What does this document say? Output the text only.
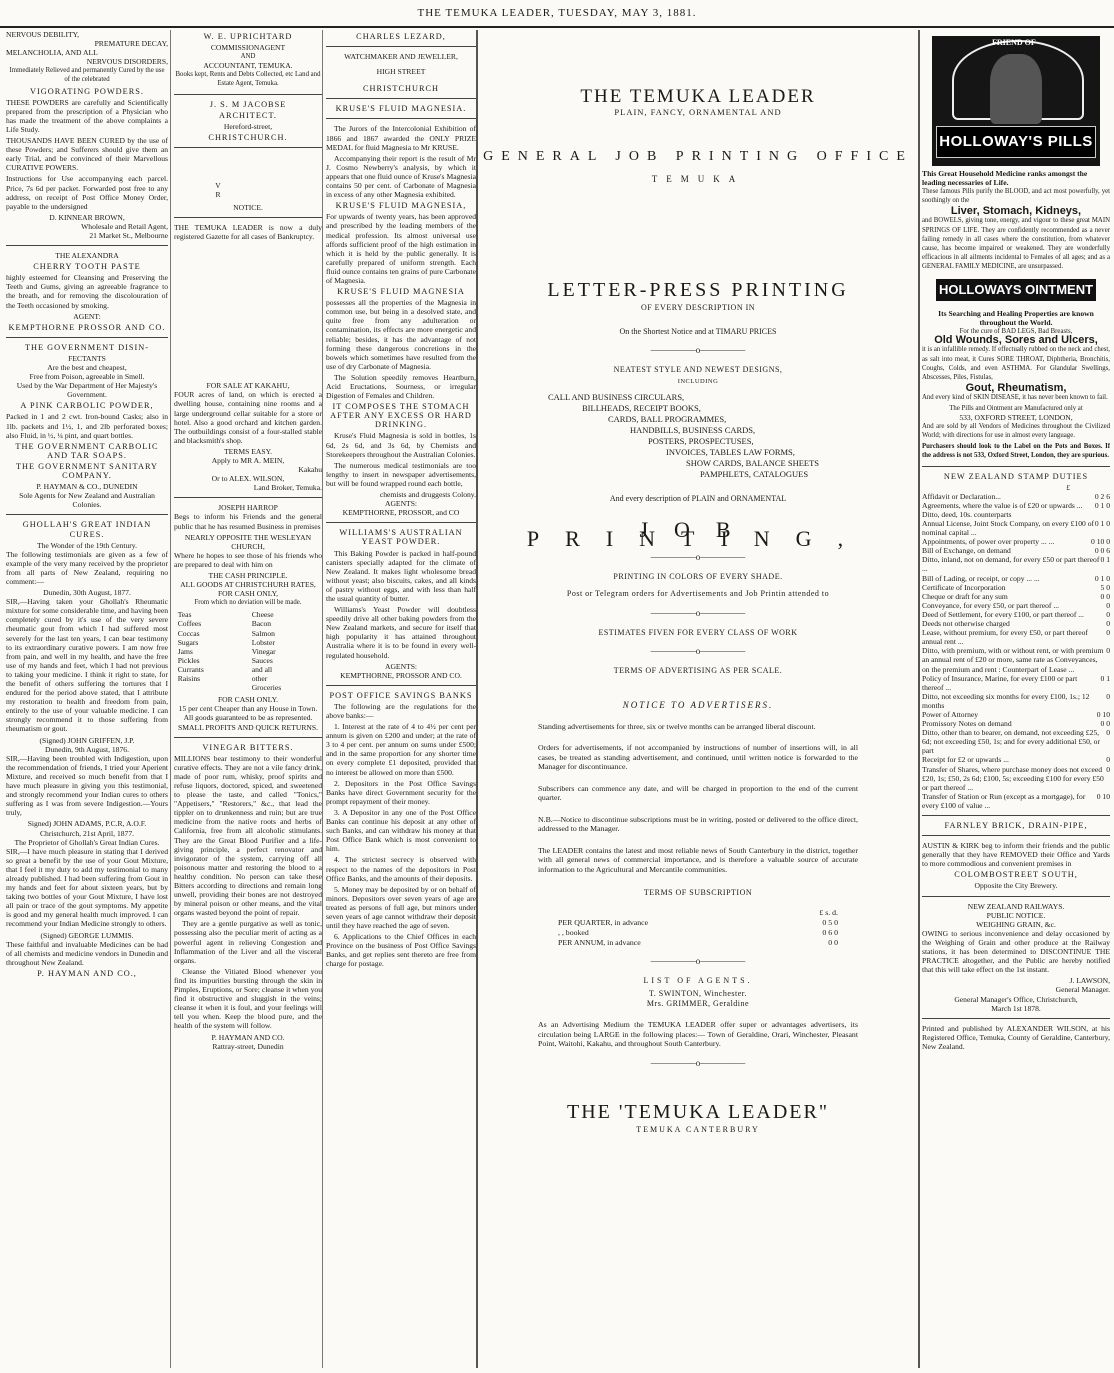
THE TEMUKA LEADER, TUESDAY, MAY 3, 1881.
NERVOUS DEBILITY,
PREMATURE DECAY,
MELANCHOLIA, AND ALL
NERVOUS DISORDERS,
Immediately Relieved and permanently Cured by the use of the celebrated
VIGORATING POWDERS.

THESE POWDERS are carefully and Scientifically prepared from the prescription of a Physician who has made the treatment of the above complaints a Life Study.

THOUSANDS HAVE BEEN CURED by the use of these Powders; and Sufferers should give them an early Trial, and be convinced of their Marvellous CURATIVE POWERS.

Instructions for Use accompanying each parcel. Price, 7s 6d per packet. Forwarded post free to any address, on receipt of Post Office Money Order, payable to the undersigned

D. KINNEAR BROWN,
Wholesale and Retail Agent,
21 Market St., Melbourne
THE ALEXANDRA
CHERRY TOOTH PASTE

highly esteemed for Cleansing and Preserving the Teeth and Gums, giving an agreeable fragrance to the breath, and for removing the discolouration of the Teeth occasioned by smoking.

AGENT:
KEMPTHORNE PROSSOR AND CO.
THE GOVERNMENT DISIN-
FECTANTS
Are the best and cheapest,
Free from Poison, agreeable in Smell.
Used by the War Department of Her Majesty's Government.
A PINK CARBOLIC POWDER,

Packed in 1 and 2 cwt. Iron-bound Casks; also in 1lb. packets and 1½, 1, and 2lb perforated boxes; also Fluid, in ½, ¼ pint, and quart bottles.

THE GOVERNMENT CARBOLIC AND TAR SOAPS.
THE GOVERNMENT SANITARY COMPANY.
P. HAYMAN & CO., DUNEDIN
Sole Agents for New Zealand and Australian Colonies.
GHOLLAH'S GREAT INDIAN CURES.
The Wonder of the 19th Century.

The following testimonials are given as a few of example of the very many received by the proprietor from all parts of New Zealand, requiring no comment:—

Dunedin, 30th August, 1877.

SIR,—Having taken your Ghollah's Rheumatic mixture for some considerable time, and having been completely cured by it's use of the very severe rheumatic gout from which I had suffered most severely for the last ten years, I can bear testimony to its extraordinary curative powers. I am now free from pain, and well in my health, and have the free use of my hands and feet, which I had not previous to taking your medicine. I think it right to state, for the benefit of others suffering the tortures that I endured for the period above stated, that I attribute my restoration to health and freedom from pain, entirely to the use of your valuable medicine. I can strongly recommend it to those suffering from rheumatism or gout.

(Signed) JOHN GRIFFEN, J.P.
Dunedin, 9th August, 1876.

SIR,—Having been troubled with Indigestion, upon the recommendation of friends, I tried your Aperient Mixture, and received so much benefit from that I have much pleasure in giving you this testimonial, and strongly recommend your Indian cures to others suffering as I was from severe Indigestion.—Yours truly,

Signed) JOHN ADAMS, P.C.R, A.O.F.
Christchurch, 21st April, 1877.
The Proprietor of Ghollah's Great Indian Cures.

SIR,—I have much pleasure in stating that I derived so great a benefit by the use of your Gout Mixture, that I feel it my duty to add my testimonial to many already published. I had been suffering from Gout in my hands and feet for about sixteen years, but by taking two bottles of your Gout Mixture, I have lost all pain or trace of the gout symptoms. My appetite is good and my general health much improved. I can recommend your Indian Medicine strongly to others.

(Signed) GEORGE LUMMIS.

These faithful and invaluable Medicines can be had of all chemists and medicine vendors in Dunedin and throughout New Zealand.

P. HAYMAN AND CO.,
W. E. UPRICHTARD
COMMISSIONAGENT
AND
ACCOUNTANT, TEMUKA.
Books kept, Rents and Debts Collected, etc Land and Estate Agent, Temuka.
J. S. M JACOBSE
ARCHITECT.
Hereford-street,
CHRISTCHURCH.
V R
NOTICE.

THE TEMUKA LEADER is now a duly registered Gazette for all cases of Bankruptcy.

FOR SALE AT KAKAHU,

FOUR acres of land, on which is erected a dwelling house, containing nine rooms and a large underground cellar suitable for a store or hotel. Also a good orchard and kitchen garden. The outbuildings consist of a four-stalled stable and blacksmith's shop.

TERMS EASY.
Apply to MR A. MEIN,
Kakahu
Or to ALEX. WILSON,
Land Broker, Temuka.
JOSEPH HARROP

Begs to inform his Friends and the general public that he has resumed Business in premises

NEARLY OPPOSITE THE WESLEYAN CHURCH,

Where he hopes to see those of his friends who are prepared to deal with him on

THE CASH PRINCIPLE.
ALL GOODS AT CHRISTCHURH RATES, FOR CASH ONLY,
From which no deviation will be made.
Teas
Coffees
Coccas
Sugars
Jams
Pickles
Currants
Raisins
Cheese
Bacon
Salmon
Lobster
Vinegar
Sauces
and all other
Groceries
FOR CASH ONLY.
15 per cent Cheaper than any House in Town.
All goods guaranteed to be as represented.
SMALL PROFITS AND QUICK RETURNS.
VINEGAR BITTERS.

MILLIONS bear testimony to their wonderful curative effects. They are not a vile fancy drink, made of poor rum, whisky, proof spirits and refuse liquors, doctored, spiced, and sweetened to please the taste, and called "Tonics," "Appetisers," "Restorers," &c., that lead the tippler on to drunkenness and ruin; but are true medicine from the native roots and herbs of California, free from all alcoholic stimulants. They are the Great Blood Purifier and a life-giving principle, a perfect renovator and invigorator of the system, carrying off all poisonous matter and restoring the blood to a healthy condition. No person can take these Bitters according to directions and remain long unwell, providing their bones are not destroyed by mineral poison or other means, and the vital organs wasted beyond the point of repair.

They are a gentle purgative as well as tonic, possessing also the peculiar merit of acting as a powerful agent in relieving Congestion and Inflammation of the Liver and all the visceral organs.

Cleanse the Vitiated Blood whenever you find its impurities bursting through the skin in Pimples, Eruptions, or Sore; cleanse it when you find it obstructive and sluggish in the veins; cleanse it when it is foul, and your feelings will tell you when. Keep the blood pure, and the health of the system will follow.

P. HAYMAN AND CO.
Rattray-street, Dunedin
CHARLES LEZARD,
WATCHMAKER AND JEWELLER,
HIGH STREET
CHRISTCHURCH
KRUSE'S FLUID MAGNESIA.

The Jurors of the Intercolonial Exhibition of 1866 and 1867 awarded the ONLY PRIZE MEDAL for fluid Magnesia to Mr KRUSE.

Accompanying their report is the result of Mr J. Cosmo Newberry's analysis, by which it appears that one fluid ounce of Kruse's Magnesia contains 50 per cent. of Carbonate of Magnesia in excess of any other Magnesia exhibited.

KRUSE'S FLUID MAGNESIA,

For upwards of twenty years, has been approved and prescribed by the leading members of the medical profession. Its almost universal use affords sufficient proof of the high estimation in which it is held by the public generally. It is carefully prepared of uniform strength. Each fluid ounce contains ten grains of pure Carbonate of Magnesia.

KRUSE'S FLUID MAGNESIA

possesses all the properties of the Magnesia in common use, but being in a desolved state, and quite free from any adulteration or contamination, its effects are more energetic and reliable; besides, it has the advantage of not forming these dangerous concretions in the bowels which sometimes have resulted from the use of dry Carbonate of Magnesia.

The Solution speedily removes Heartburn, Acid Eructations, Sourness, or irregular Digestion of Females and Children.

IT COMPOSES THE STOMACH AFTER ANY EXCESS OR HARD DRINKING.

Kruse's Fluid Magnesia is sold in bottles, 1s 6d, 2s 6d, and 3s 6d, by Chemists and Storekeepers throughout the Australian Colonies.

The numerous medical testimonials are too lengthy to insert in newspaper advertisements, but will be found wrapped round each bottle,

chemists and druggests Colony.
AGENTS:
KEMPTHORNE, PROSSOR, and CO
WILLIAMS'S AUSTRALIAN YEAST POWDER.

This Baking Powder is packed in half-pound canisters specially adapted for the climate of New Zealand. It makes light wholesome bread without yeast; also biscuits, cakes, and all kinds of pastry without eggs, and with less than half the usual quantity of butter.

Williams's Yeast Powder will doubtless speedily drive all other baking powders from the New Zealand markets, and secure for itself that high popularity it has attained throughout Australia where it is to be found in every well-regulated household.

AGENTS:
KEMPTHORNE, PROSSOR AND CO.
POST OFFICE SAVINGS BANKS

The following are the regulations for the above banks:—

1. Interest at the rate of 4 to 4½ per cent per annum is given on £200 and under; at the rate of 3 to 4 per cent. per annum on sums under £500; and in the same proportion for any shorter time on every complete £1 deposited, provided that no interest be allowed on more than £500.

2. Depositors in the Post Office Savings Banks have direct Government security for the prompt repayment of their money.

3. A Depositor in any one of the Post Office Banks can continue his deposit at any other of such Banks, and can withdraw his money at that Post Office Bank which is most convenient to him.

4. The strictest secrecy is observed with respect to the names of the depositors in Post Office Banks, and the amounts of their deposits.

5. Money may be deposited by or on behalf of minors. Depositors over seven years of age are treated as persons of full age, but minors under seven years of age cannot withdraw their deposit until they have reached the age of seven.

6. Applications to the Chief Offices in each Province on the business of Post Office Savings Banks, and get replies sent thereto are free from charge for postage.

THE TEMUKA LEADER
PLAIN, FANCY, ORNAMENTAL AND
GENERAL JOB PRINTING OFFICE
TEMUKA
LETTER-PRESS PRINTING
OF EVERY DESCRIPTION IN
On the Shortest Notice and at TIMARU PRICES
—————o—————
NEATEST STYLE AND NEWEST DESIGNS,
INCLUDING
CALL AND BUSINESS CIRCULARS,
BILLHEADS, RECEIPT BOOKS,
CARDS, BALL PROGRAMMES,
HANDBILLS, BUSINESS CARDS,
POSTERS, PROSPECTUSES,
INVOICES, TABLES LAW FORMS,
SHOW CARDS, BALANCE SHEETS
PAMPHLETS, CATALOGUES
And every description of PLAIN and ORNAMENTAL
JOB PRINTING,
—————o—————
PRINTING IN COLORS OF EVERY SHADE.
Post or Telegram orders for Advertisements and Job Printin attended to
—————o—————
ESTIMATES FIVEN FOR EVERY CLASS OF WORK
—————o—————
TERMS OF ADVERTISING AS PER SCALE.
NOTICE TO ADVERTISERS.
Standing advertisements for three, six or twelve months can be arranged liberal discount.
Orders for advertisements, if not accompanied by instructions of number of insertions will, in all cases, be treated as standing advertisement, and continued, until written notice is forwarded to the Manager for discontinuance.
Subscribers can commence any date, and will be charged in proportion to the end of the current quarter.
N.B.—Notice to discontinue subscriptions must be in writing, posted or delivered to the office direct, addressed to the Manager.
The LEADER contains the latest and most reliable news of South Canterbury in the district, together with all general news of commercial importance, and is therefore a valuable source of accurate information to the Agricultural and Mercantile communities.
TERMS OF SUBSCRIPTION
£ s. d.
PER QUARTER, in advance	0 5 0
, , booked	0 6 0
PER ANNUM, in advance	0 0
—————o—————
LIST OF AGENTS.
T. SWINTON, Winchester.
Mrs. GRIMMER, Geraldine
As an Advertising Medium the TEMUKA LEADER offer super or advantages advertisers, its circulation being LARGE in the following places:— Town of Geraldine, Orari, Winchester, Pleasant Point, Waitohi, Kakahu, and throughout South Canterbury.
—————o—————
THE 'TEMUKA LEADER"
TEMUKA CANTERBURY
FRIEND OF
HOLLOWAY'S PILLS
This Great Household Medicine ranks amongst the leading necessaries of Life.

These famous Pills purify the BLOOD, and act most powerfully, yet soothingly on the

Liver, Stomach, Kidneys,

and BOWELS, giving tone, energy, and vigour to these great MAIN SPRINGS OF LIFE. They are confidently recommended as a never failing remedy in all cases where the constitution, from whatever cause, has become impaired or weakened. They are wonderfully efficacious in all ailments incidental to Females of all ages; and as a GENERAL FAMILY MEDICINE, are unsurpassed.

HOLLOWAYS OINTMENT
Its Searching and Healing Properties are known throughout the World.
For the cure of BAD LEGS, Bad Breasts,
Old Wounds, Sores and Ulcers,

it is an infallible remedy. If effectually rubbed on the neck and chest, as salt into meat, it Cures SORE THROAT, Diphtheria, Bronchitis, Coughs, Colds, and even ASTHMA. For Glandular Swellings, Abscesses, Piles, Fistulas,

Gout, Rheumatism,

And every kind of SKIN DISEASE, it has never been known to fail.

The Pills and Ointment are Manufactured only at
533, OXFORD STREET, LONDON,

And are sold by all Vendors of Medicines throughout the Civilized World; with directions for use in almost every language.

Purchasers should look to the Label on the Pots and Boxes. If the address is not 533, Oxford Street, London, they are spurious.

NEW ZEALAND STAMP DUTIES
£
Affidavit or Declaration...	0 2 6
Agreements, where the value is of £20 or upwards ... 0 1 0
Ditto, deed, 10s. counterparts
Annual License, Joint Stock Company, on every £100 of nominal capital ...
0 1 0
Appointments, of power over property ... ...	0 10 0
Bill of Exchange, on demand	0 0 6
Ditto, inland, not on demand, for every £50 or part thereof ...
0 1
Bill of Lading, or receipt, or copy ... ...	0 1 0
Certificate of Incorporation	5 0
Cheque or draft for any sum	0 0
Conveyance, for every £50, or part thereof ...	0
Deed of Settlement, for every £100, or part thereof ...	0
Deeds not otherwise charged	0
Lease, without premium, for every £50, or part thereof annual rent ...
0
Ditto, with premium, with or without rent, or with premium an annual rent of £20 or more, same rate as Conveyances, on the premium and rent : Counterpart of Lease ...
0
Policy of Insurance, Marine, for every £100 or part thereof ...
0 1
Ditto, not exceeding six months for every £100, 1s.; 12 months
0
Power of Attorney	0 10
Promissory Notes on demand	0 0
Ditto, other than to bearer, on demand, not exceeding £25, 6d; not exceeding £50, 1s; and for every additional £50, or part
0
Receipt for £2 or upwards ...	0
Transfer of Shares, where purchase money does not exceed £20, 1s; £50, 2s 6d; £100, 5s; exceeding £100 for every £50 or part thereof ...
0
Transfer of Station or Run (except as a mortgage), for every £100 of value ...
0 10
FARNLEY BRICK, DRAIN-PIPE,

AUSTIN & KIRK beg to inform their friends and the public generally that they have REMOVED their Office and Yards to more commodious and convenient premises in

COLOMBOSTREET SOUTH,
Opposite the City Brewery.
NEW ZEALAND RAILWAYS.
PUBLIC NOTICE.
WEIGHING GRAIN, &c.

OWING to serious inconvenience and delay occasioned by the Weighing of Grain and other produce at the Railway stations, it has been determined to DISCONTINUE THE PRACTICE altogether, and the Public are hereby notified that this will take effect on the 1st instant.

J. LAWSON,
General Manager.
General Manager's Office, Christchurch,
March 1st 1878.

Printed and published by ALEXANDER WILSON, at his Registered Office, Temuka, County of Geraldine, Canterbury, New Zealand.
